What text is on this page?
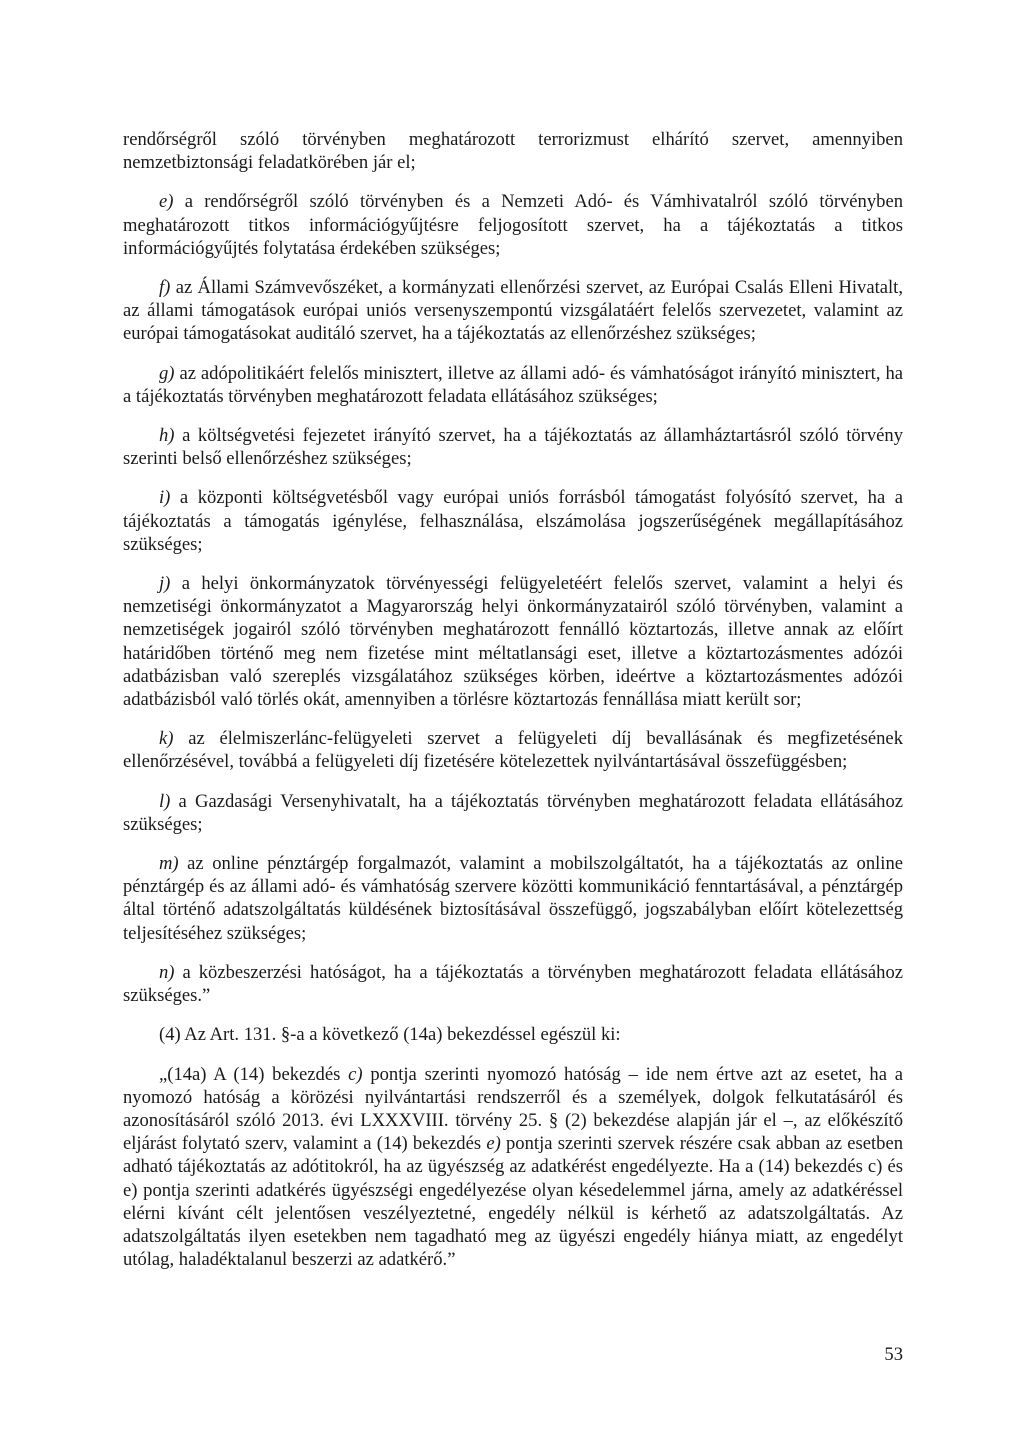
rendőrségről szóló törvényben meghatározott terrorizmust elhárító szervet, amennyiben nemzetbiztonsági feladatkörében jár el;

e) a rendőrségről szóló törvényben és a Nemzeti Adó- és Vámhivatalról szóló törvényben meghatározott titkos információgyűjtésre feljogosított szervet, ha a tájékoztatás a titkos információgyűjtés folytatása érdekében szükséges;

f) az Állami Számvevőszéket, a kormányzati ellenőrzési szervet, az Európai Csalás Elleni Hivatalt, az állami támogatások európai uniós versenyszempontú vizsgálatáért felelős szervezetet, valamint az európai támogatásokat auditáló szervet, ha a tájékoztatás az ellenőrzéshez szükséges;

g) az adópolitikáért felelős minisztert, illetve az állami adó- és vámhatóságot irányító minisztert, ha a tájékoztatás törvényben meghatározott feladata ellátásához szükséges;

h) a költségvetési fejezetet irányító szervet, ha a tájékoztatás az államháztartásról szóló törvény szerinti belső ellenőrzéshez szükséges;

i) a központi költségvetésből vagy európai uniós forrásból támogatást folyósító szervet, ha a tájékoztatás a támogatás igénylése, felhasználása, elszámolása jogszerűségének megállapításához szükséges;

j) a helyi önkormányzatok törvényességi felügyeletéért felelős szervet, valamint a helyi és nemzetiségi önkormányzatot a Magyarország helyi önkormányzatairól szóló törvényben, valamint a nemzetiségek jogairól szóló törvényben meghatározott fennálló köztartozás, illetve annak az előírt határidőben történő meg nem fizetése mint méltatlansági eset, illetve a köztartozásmentes adózói adatbázisban való szereplés vizsgálatához szükséges körben, ideértve a köztartozásmentes adózói adatbázisból való törlés okát, amennyiben a törlésre köztartozás fennállása miatt került sor;

k) az élelmiszerlánc-felügyeleti szervet a felügyeleti díj bevallásának és megfizetésének ellenőrzésével, továbbá a felügyeleti díj fizetésére kötelezettek nyilvántartásával összefüggésben;

l) a Gazdasági Versenyhivatalt, ha a tájékoztatás törvényben meghatározott feladata ellátásához szükséges;

m) az online pénztárgép forgalmazót, valamint a mobilszolgáltatót, ha a tájékoztatás az online pénztárgép és az állami adó- és vámhatóság szervere közötti kommunikáció fenntartásával, a pénztárgép által történő adatszolgáltatás küldésének biztosításával összefüggő, jogszabályban előírt kötelezettség teljesítéséhez szükséges;

n) a közbeszerzési hatóságot, ha a tájékoztatás a törvényben meghatározott feladata ellátásához szükséges.”

(4) Az Art. 131. §-a a következő (14a) bekezdéssel egészül ki:

„(14a) A (14) bekezdés c) pontja szerinti nyomozó hatóság – ide nem értve azt az esetet, ha a nyomozó hatóság a körözési nyilvántartási rendszerről és a személyek, dolgok felkutatásáról és azonosításáról szóló 2013. évi LXXXVIII. törvény 25. § (2) bekezdése alapján jár el –, az előkészítő eljárást folytató szerv, valamint a (14) bekezdés e) pontja szerinti szervek részére csak abban az esetben adható tájékoztatás az adótitokról, ha az ügyészség az adatkérést engedélyezte. Ha a (14) bekezdés c) és e) pontja szerinti adatkérés ügyészségi engedélyezése olyan késedelemmel járna, amely az adatkéréssel elérni kívánt célt jelentősen veszélyeztetné, engedély nélkül is kérhető az adatszolgáltatás. Az adatszolgáltatás ilyen esetekben nem tagadható meg az ügyészi engedély hiánya miatt, az engedélyt utólag, haladéktalanul beszerzi az adatkérő.”

53
